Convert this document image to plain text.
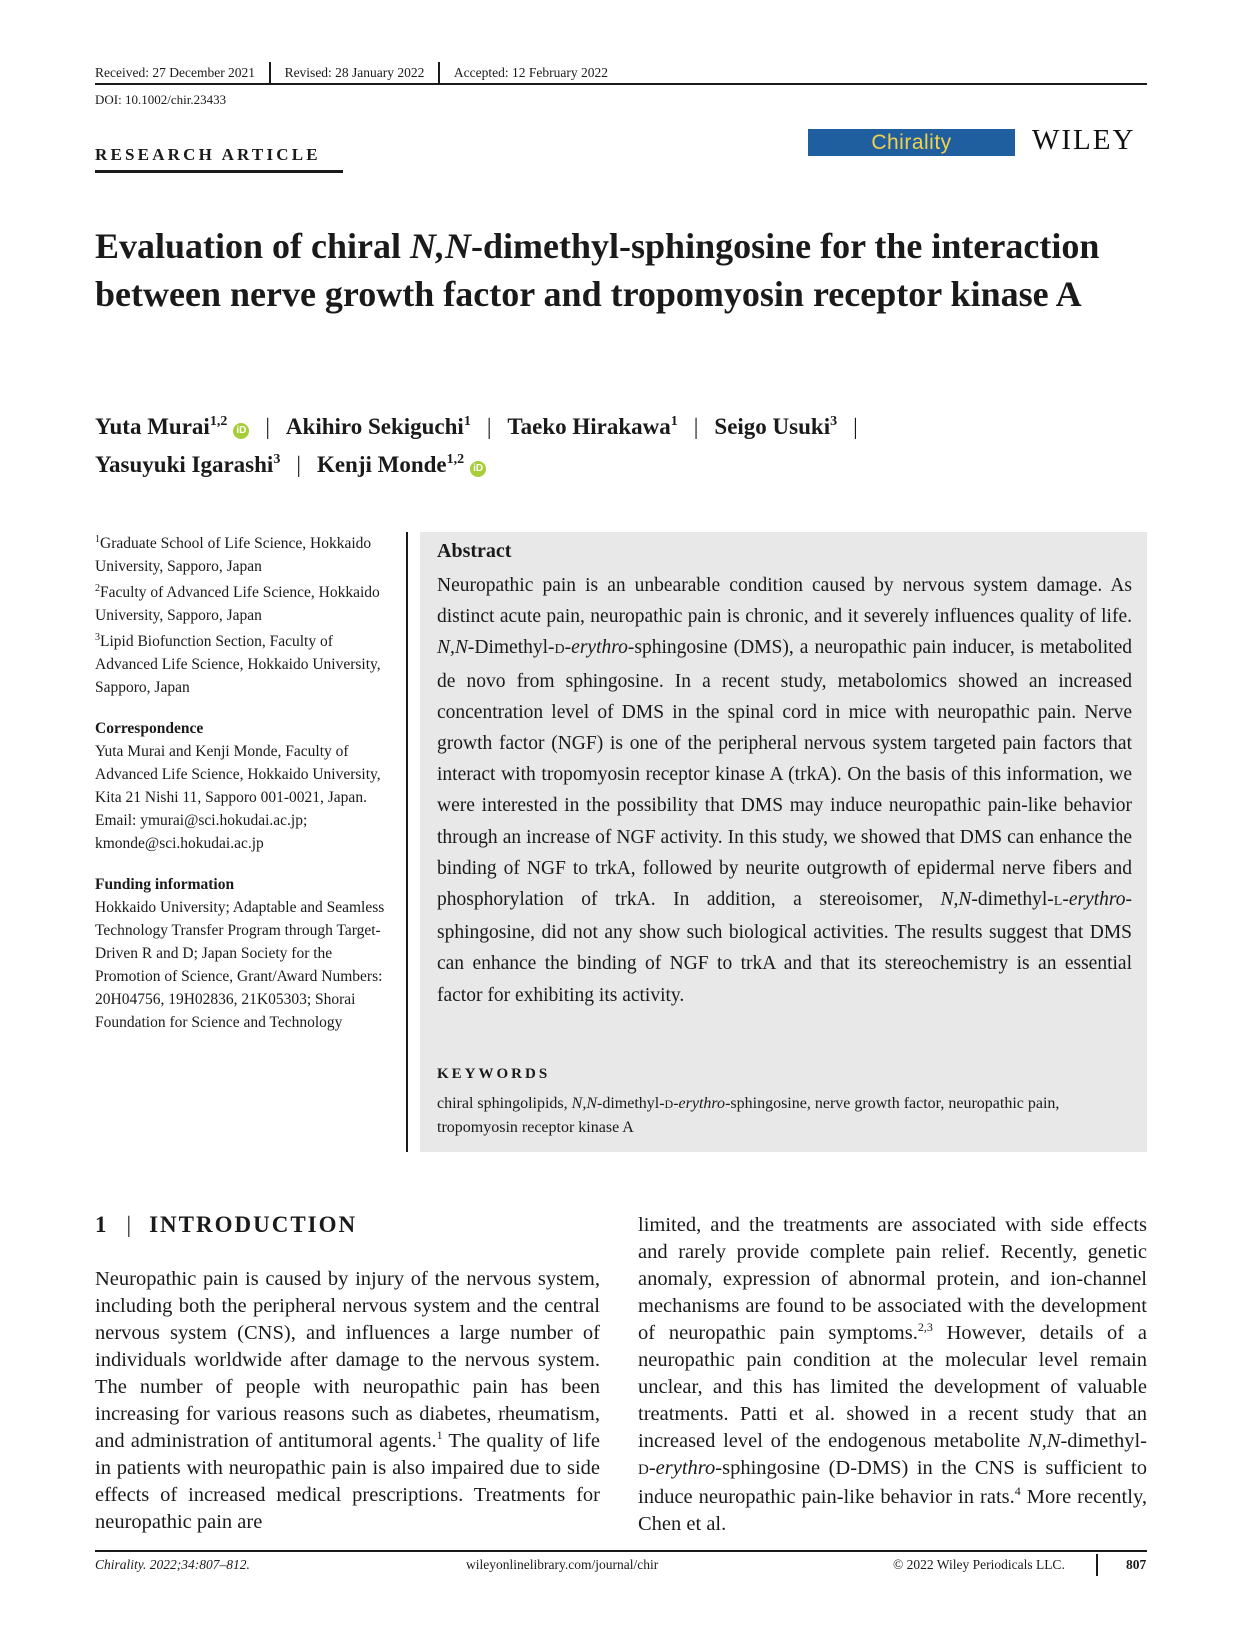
Received: 27 December 2021 Revised: 28 January 2022 Accepted: 12 February 2022
DOI: 10.1002/chir.23433
RESEARCH ARTICLE
Chirality	WILEY
Evaluation of chiral N,N-dimethyl-sphingosine for the interaction between nerve growth factor and tropomyosin receptor kinase A
Yuta Murai$^{1,2}$iD | Akihiro Sekiguchi$^1$ | Taeko Hirakawa$^1$ | Seigo Usuki$^3$ |
Yasuyuki Igarashi$^3$ | Kenji Monde$^{1,2}$iD
$^1$Graduate School of Life Science, Hokkaido University, Sapporo, Japan
$^2$Faculty of Advanced Life Science, Hokkaido University, Sapporo, Japan
$^3$Lipid Biofunction Section, Faculty of Advanced Life Science, Hokkaido University, Sapporo, Japan
Correspondence
Yuta Murai and Kenji Monde, Faculty of Advanced Life Science, Hokkaido University, Kita 21 Nishi 11, Sapporo 001-0021, Japan.
Email: ymurai@sci.hokudai.ac.jp; kmonde@sci.hokudai.ac.jp
Funding information
Hokkaido University; Adaptable and Seamless Technology Transfer Program through Target-Driven R and D; Japan Society for the Promotion of Science, Grant/Award Numbers: 20H04756, 19H02836, 21K05303; Shorai Foundation for Science and Technology
Abstract
Neuropathic pain is an unbearable condition caused by nervous system damage. As distinct acute pain, neuropathic pain is chronic, and it severely influences quality of life. N,N-Dimethyl-D-erythro-sphingosine (DMS), a neuropathic pain inducer, is metabolited de novo from sphingosine. In a recent study, metabolomics showed an increased concentration level of DMS in the spinal cord in mice with neuropathic pain. Nerve growth factor (NGF) is one of the peripheral nervous system targeted pain factors that interact with tropomyosin receptor kinase A (trkA). On the basis of this information, we were interested in the possibility that DMS may induce neuropathic pain-like behavior through an increase of NGF activity. In this study, we showed that DMS can enhance the binding of NGF to trkA, followed by neurite outgrowth of epidermal nerve fibers and phosphorylation of trkA. In addition, a stereoisomer, N,N-dimethyl-L-erythro-sphingosine, did not any show such biological activities. The results suggest that DMS can enhance the binding of NGF to trkA and that its stereochemistry is an essential factor for exhibiting its activity.
KEYWORDS
chiral sphingolipids, N,N-dimethyl-D-erythro-sphingosine, nerve growth factor, neuropathic pain, tropomyosin receptor kinase A
1 | INTRODUCTION
Neuropathic pain is caused by injury of the nervous system, including both the peripheral nervous system and the central nervous system (CNS), and influences a large number of individuals worldwide after damage to the nervous system. The number of people with neuropathic pain has been increasing for various reasons such as diabetes, rheumatism, and administration of antitumoral agents.$^1$ The quality of life in patients with neuropathic pain is also impaired due to side effects of increased medical prescriptions. Treatments for neuropathic pain are
limited, and the treatments are associated with side effects and rarely provide complete pain relief. Recently, genetic anomaly, expression of abnormal protein, and ion-channel mechanisms are found to be associated with the development of neuropathic pain symptoms.$^{2,3}$ However, details of a neuropathic pain condition at the molecular level remain unclear, and this has limited the development of valuable treatments. Patti et al. showed in a recent study that an increased level of the endogenous metabolite N,N-dimethyl-D-erythro-sphingosine (D-DMS) in the CNS is sufficient to induce neuropathic pain-like behavior in rats.$^4$ More recently, Chen et al.
Chirality. 2022;34:807–812.	wileyonlinelibrary.com/journal/chir	© 2022 Wiley Periodicals LLC.	807
